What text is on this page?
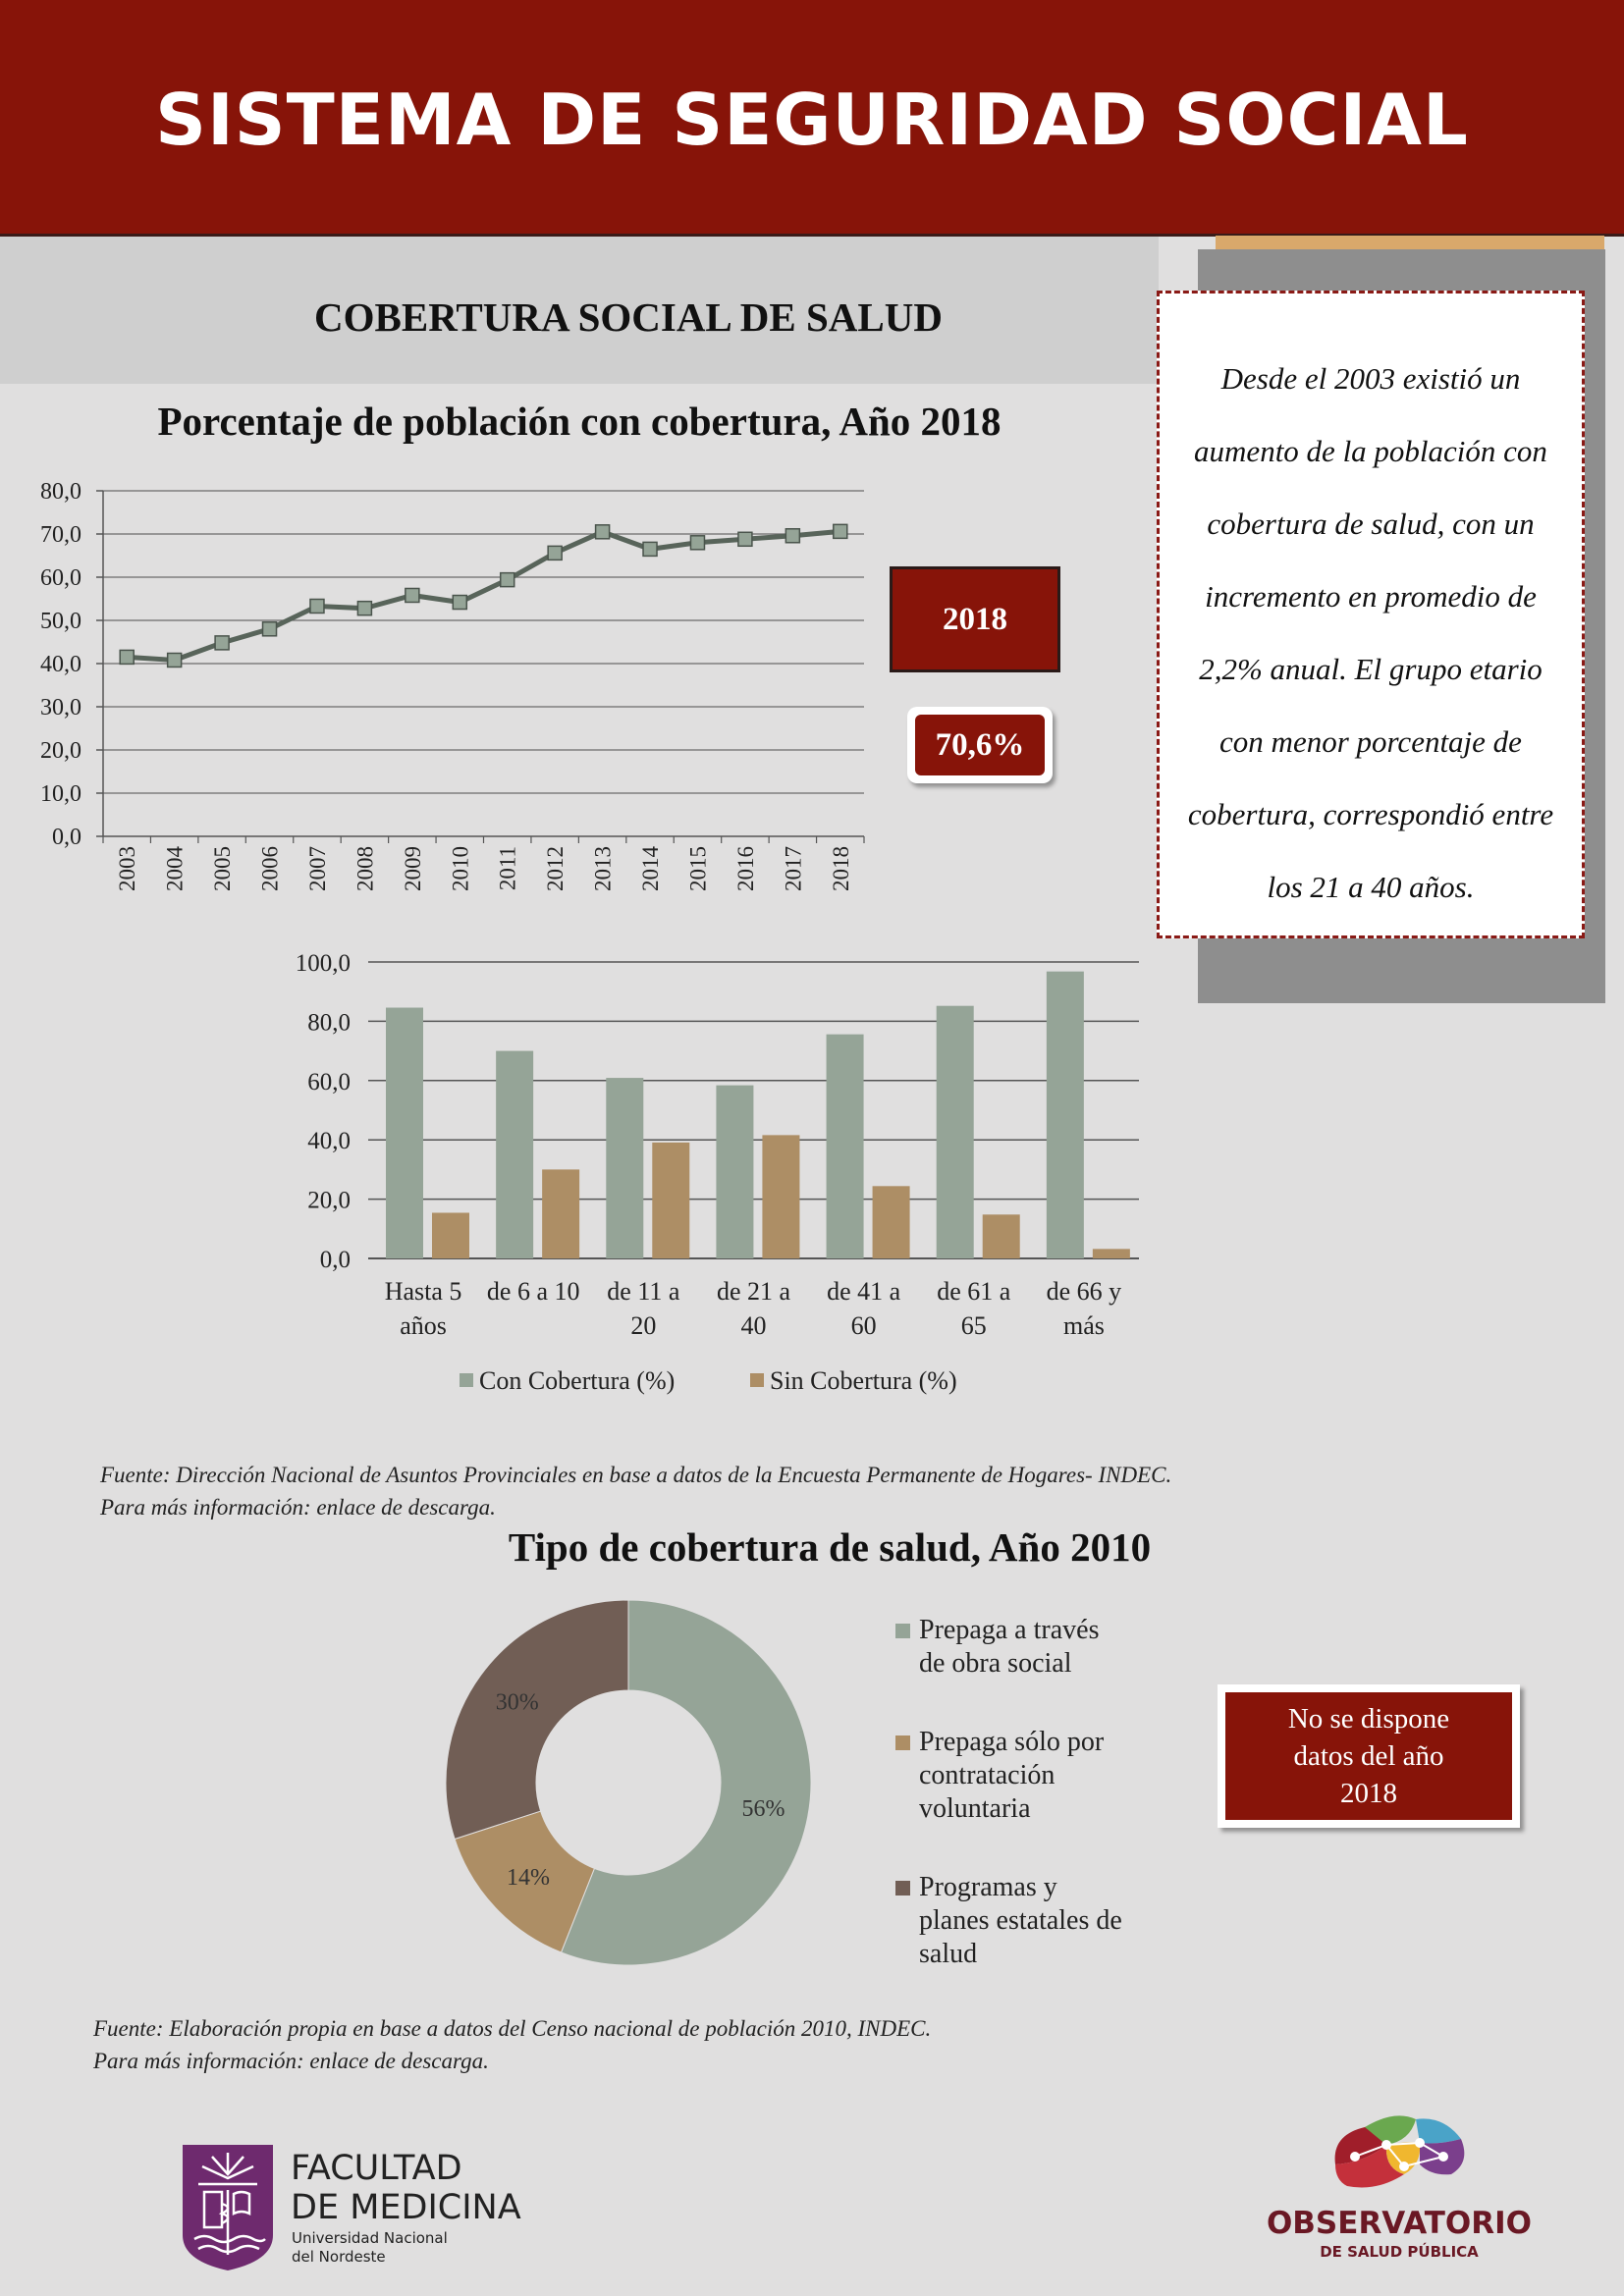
SISTEMA DE SEGURIDAD SOCIAL
COBERTURA SOCIAL DE SALUD

Desde el 2003 existió un aumento de la población con cobertura de salud, con un incremento en promedio de 2,2% anual. El grupo etario con menor porcentaje de cobertura, correspondió entre los 21 a 40 años.

Porcentaje de población con cobertura, Año 2018

0,0
10,0
20,0
30,0
40,0
50,0
60,0
70,0
80,0
2003 2004 2005 2006 2007 2008 2009 2010 2011 2012 2013 2014 2015 2016 2017 2018
2018
70,6%
0,0
20,0
40,0
60,0
80,0
100,0
Hasta 5
años
de 6 a 10 de 11 a
20
de 21 a
40
de 41 a
60
de 61 a
65
de 66 y
más
Con Cobertura (%)	Sin Cobertura (%)
Fuente: Dirección Nacional de Asuntos Provinciales en base a datos de la Encuesta Permanente de Hogares- INDEC.
Para más información: enlace de descarga.

Tipo de cobertura de salud, Año 2010

56%
14%
30%
Prepaga a través
de obra social
Prepaga sólo por
contratación
voluntaria
Programas y
planes estatales de
salud
No se dispone
datos del año
2018
Fuente: Elaboración propia en base a datos del Censo nacional de población 2010, INDEC.
Para más información: enlace de descarga.
FACULTAD
DE MEDICINA
Universidad Nacional
del Nordeste

OBSERVATORIO

DE SALUD PÚBLICA
